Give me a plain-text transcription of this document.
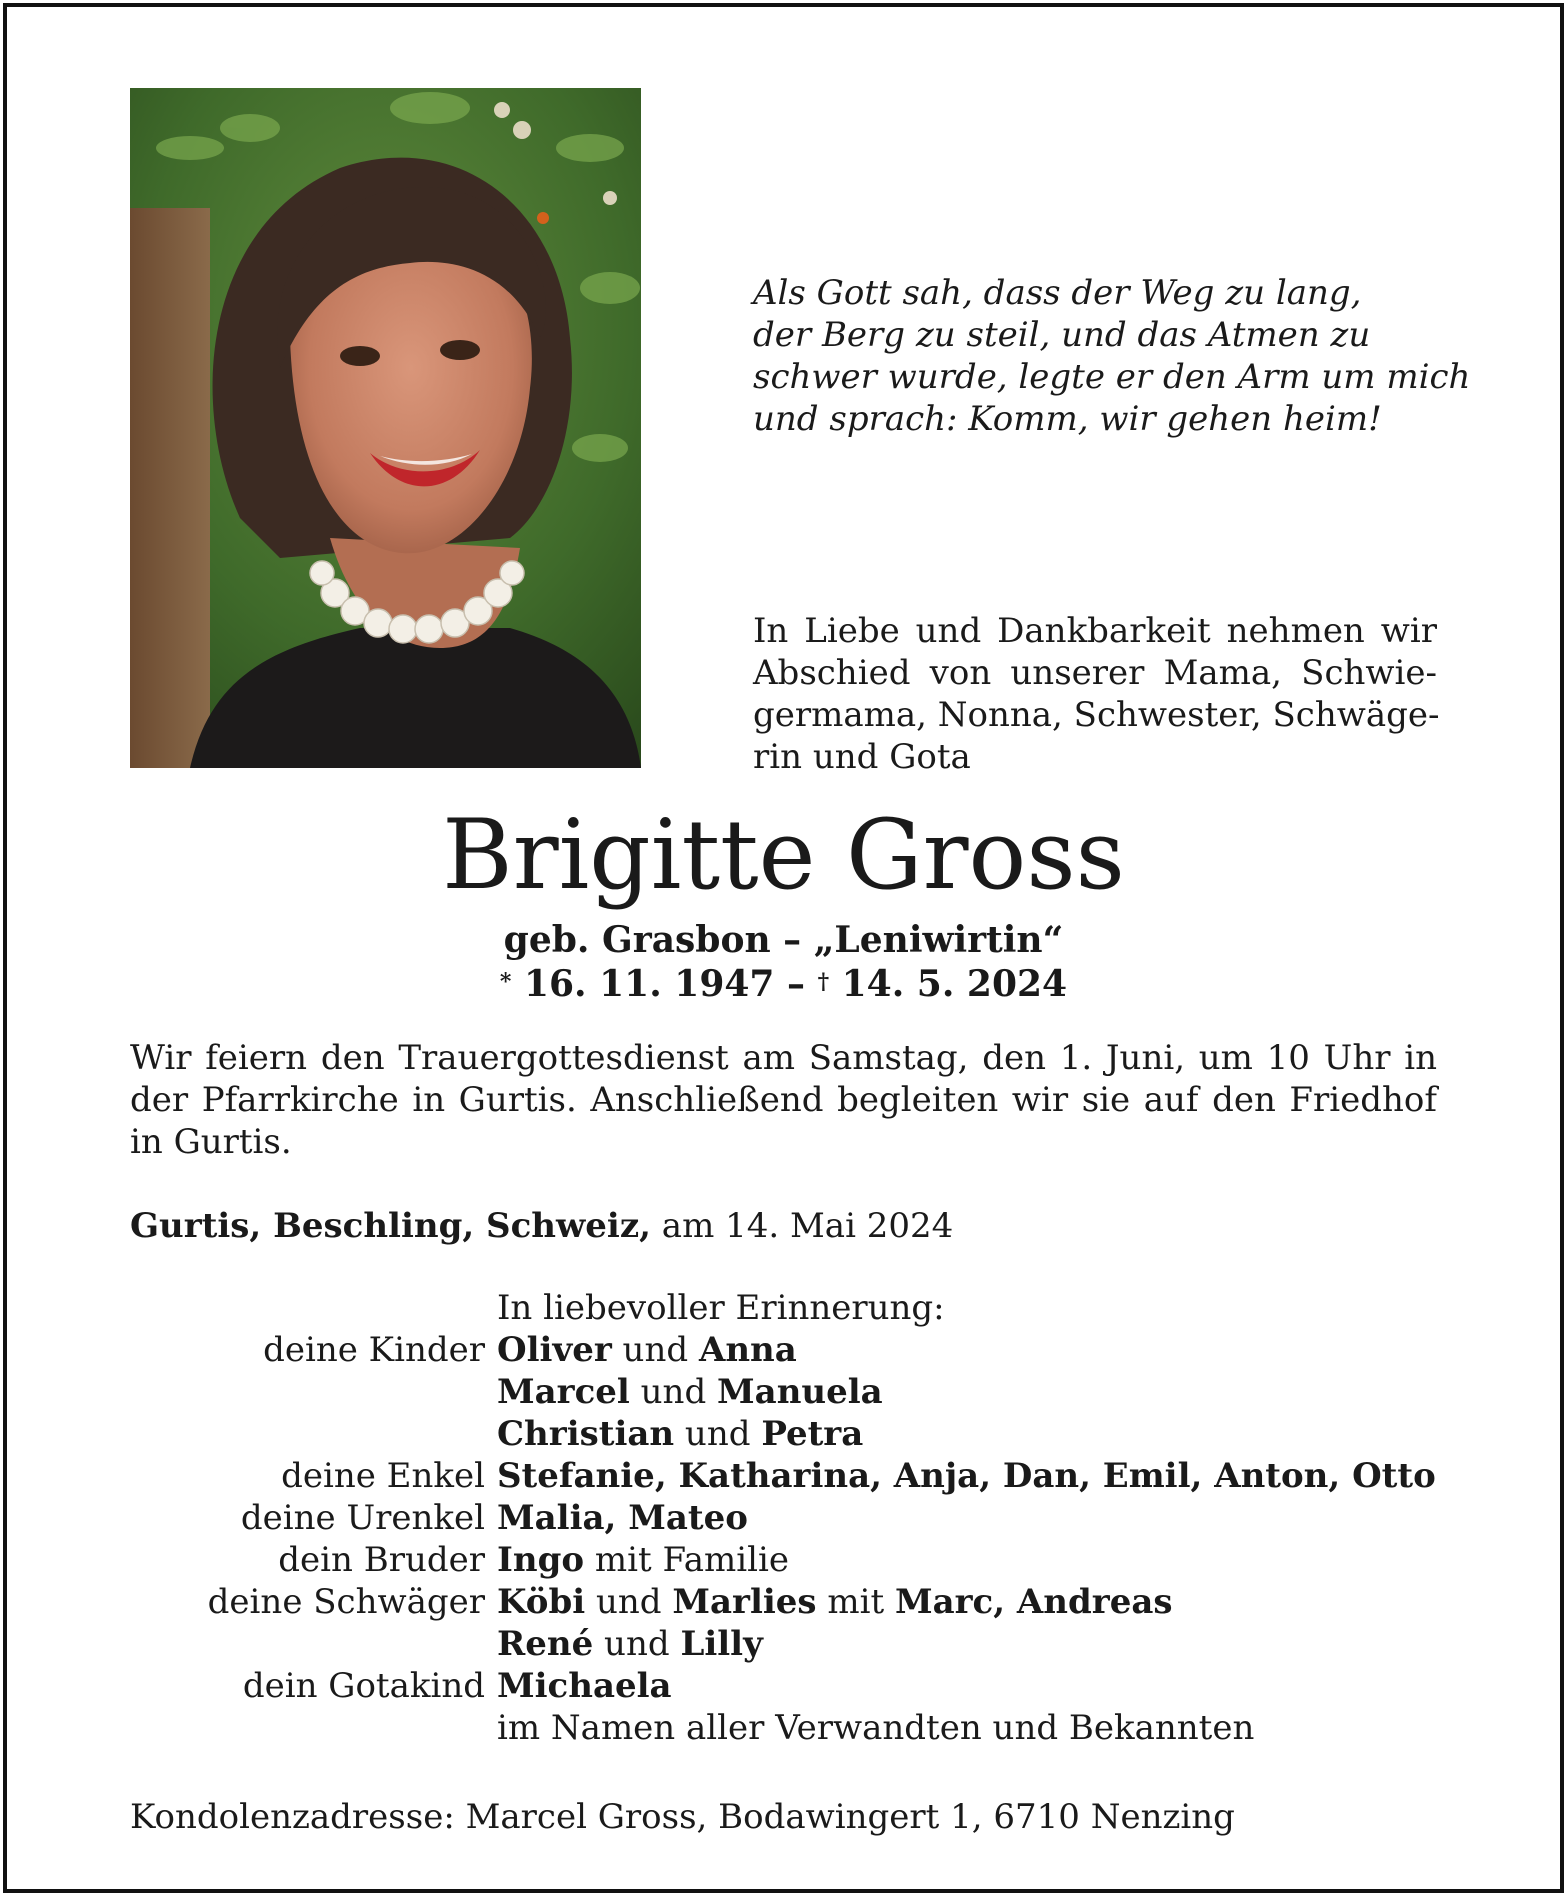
Als Gott sah, dass der Weg zu lang,
der Berg zu steil, und das Atmen zu
schwer wurde, legte er den Arm um mich
und sprach: Komm, wir gehen heim!
In Liebe und Dankbarkeit nehmen wir
Abschied von unserer Mama, Schwie-
germama, Nonna, Schwester, Schwäge-
rin und Gota
Brigitte Gross
geb. Grasbon – „Leniwirtin“
* 16. 11. 1947 – † 14. 5. 2024
Wir feiern den Trauergottesdienst am Samstag, den 1. Juni, um 10 Uhr in
der Pfarrkirche in Gurtis. Anschließend begleiten wir sie auf den Friedhof
in Gurtis.
Gurtis, Beschling, Schweiz, am 14. Mai 2024
In liebevoller Erinnerung:
deine Kinder Oliver und Anna
Marcel und Manuela
Christian und Petra
deine Enkel Stefanie, Katharina, Anja, Dan, Emil, Anton, Otto
deine Urenkel Malia, Mateo
dein Bruder Ingo mit Familie
deine Schwäger Köbi und Marlies mit Marc, Andreas
René und Lilly
dein Gotakind Michaela
im Namen aller Verwandten und Bekannten
Kondolenzadresse: Marcel Gross, Bodawingert 1, 6710 Nenzing
